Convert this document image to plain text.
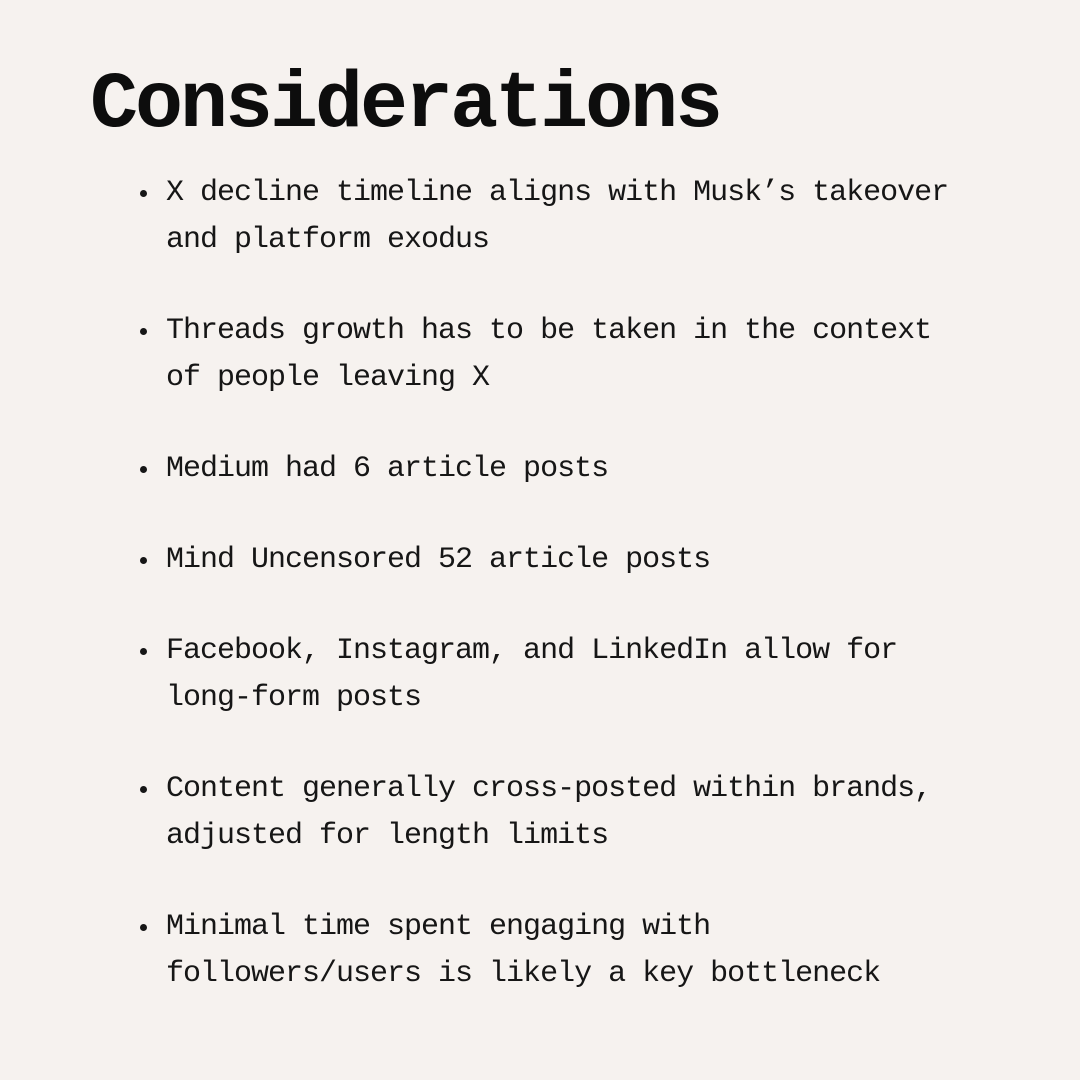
Considerations
X decline timeline aligns with Musk’s takeover and platform exodus
Threads growth has to be taken in the context of people leaving X
Medium had 6 article posts
Mind Uncensored 52 article posts
Facebook, Instagram, and LinkedIn allow for long-form posts
Content generally cross-posted within brands, adjusted for length limits
Minimal time spent engaging with followers/users is likely a key bottleneck
